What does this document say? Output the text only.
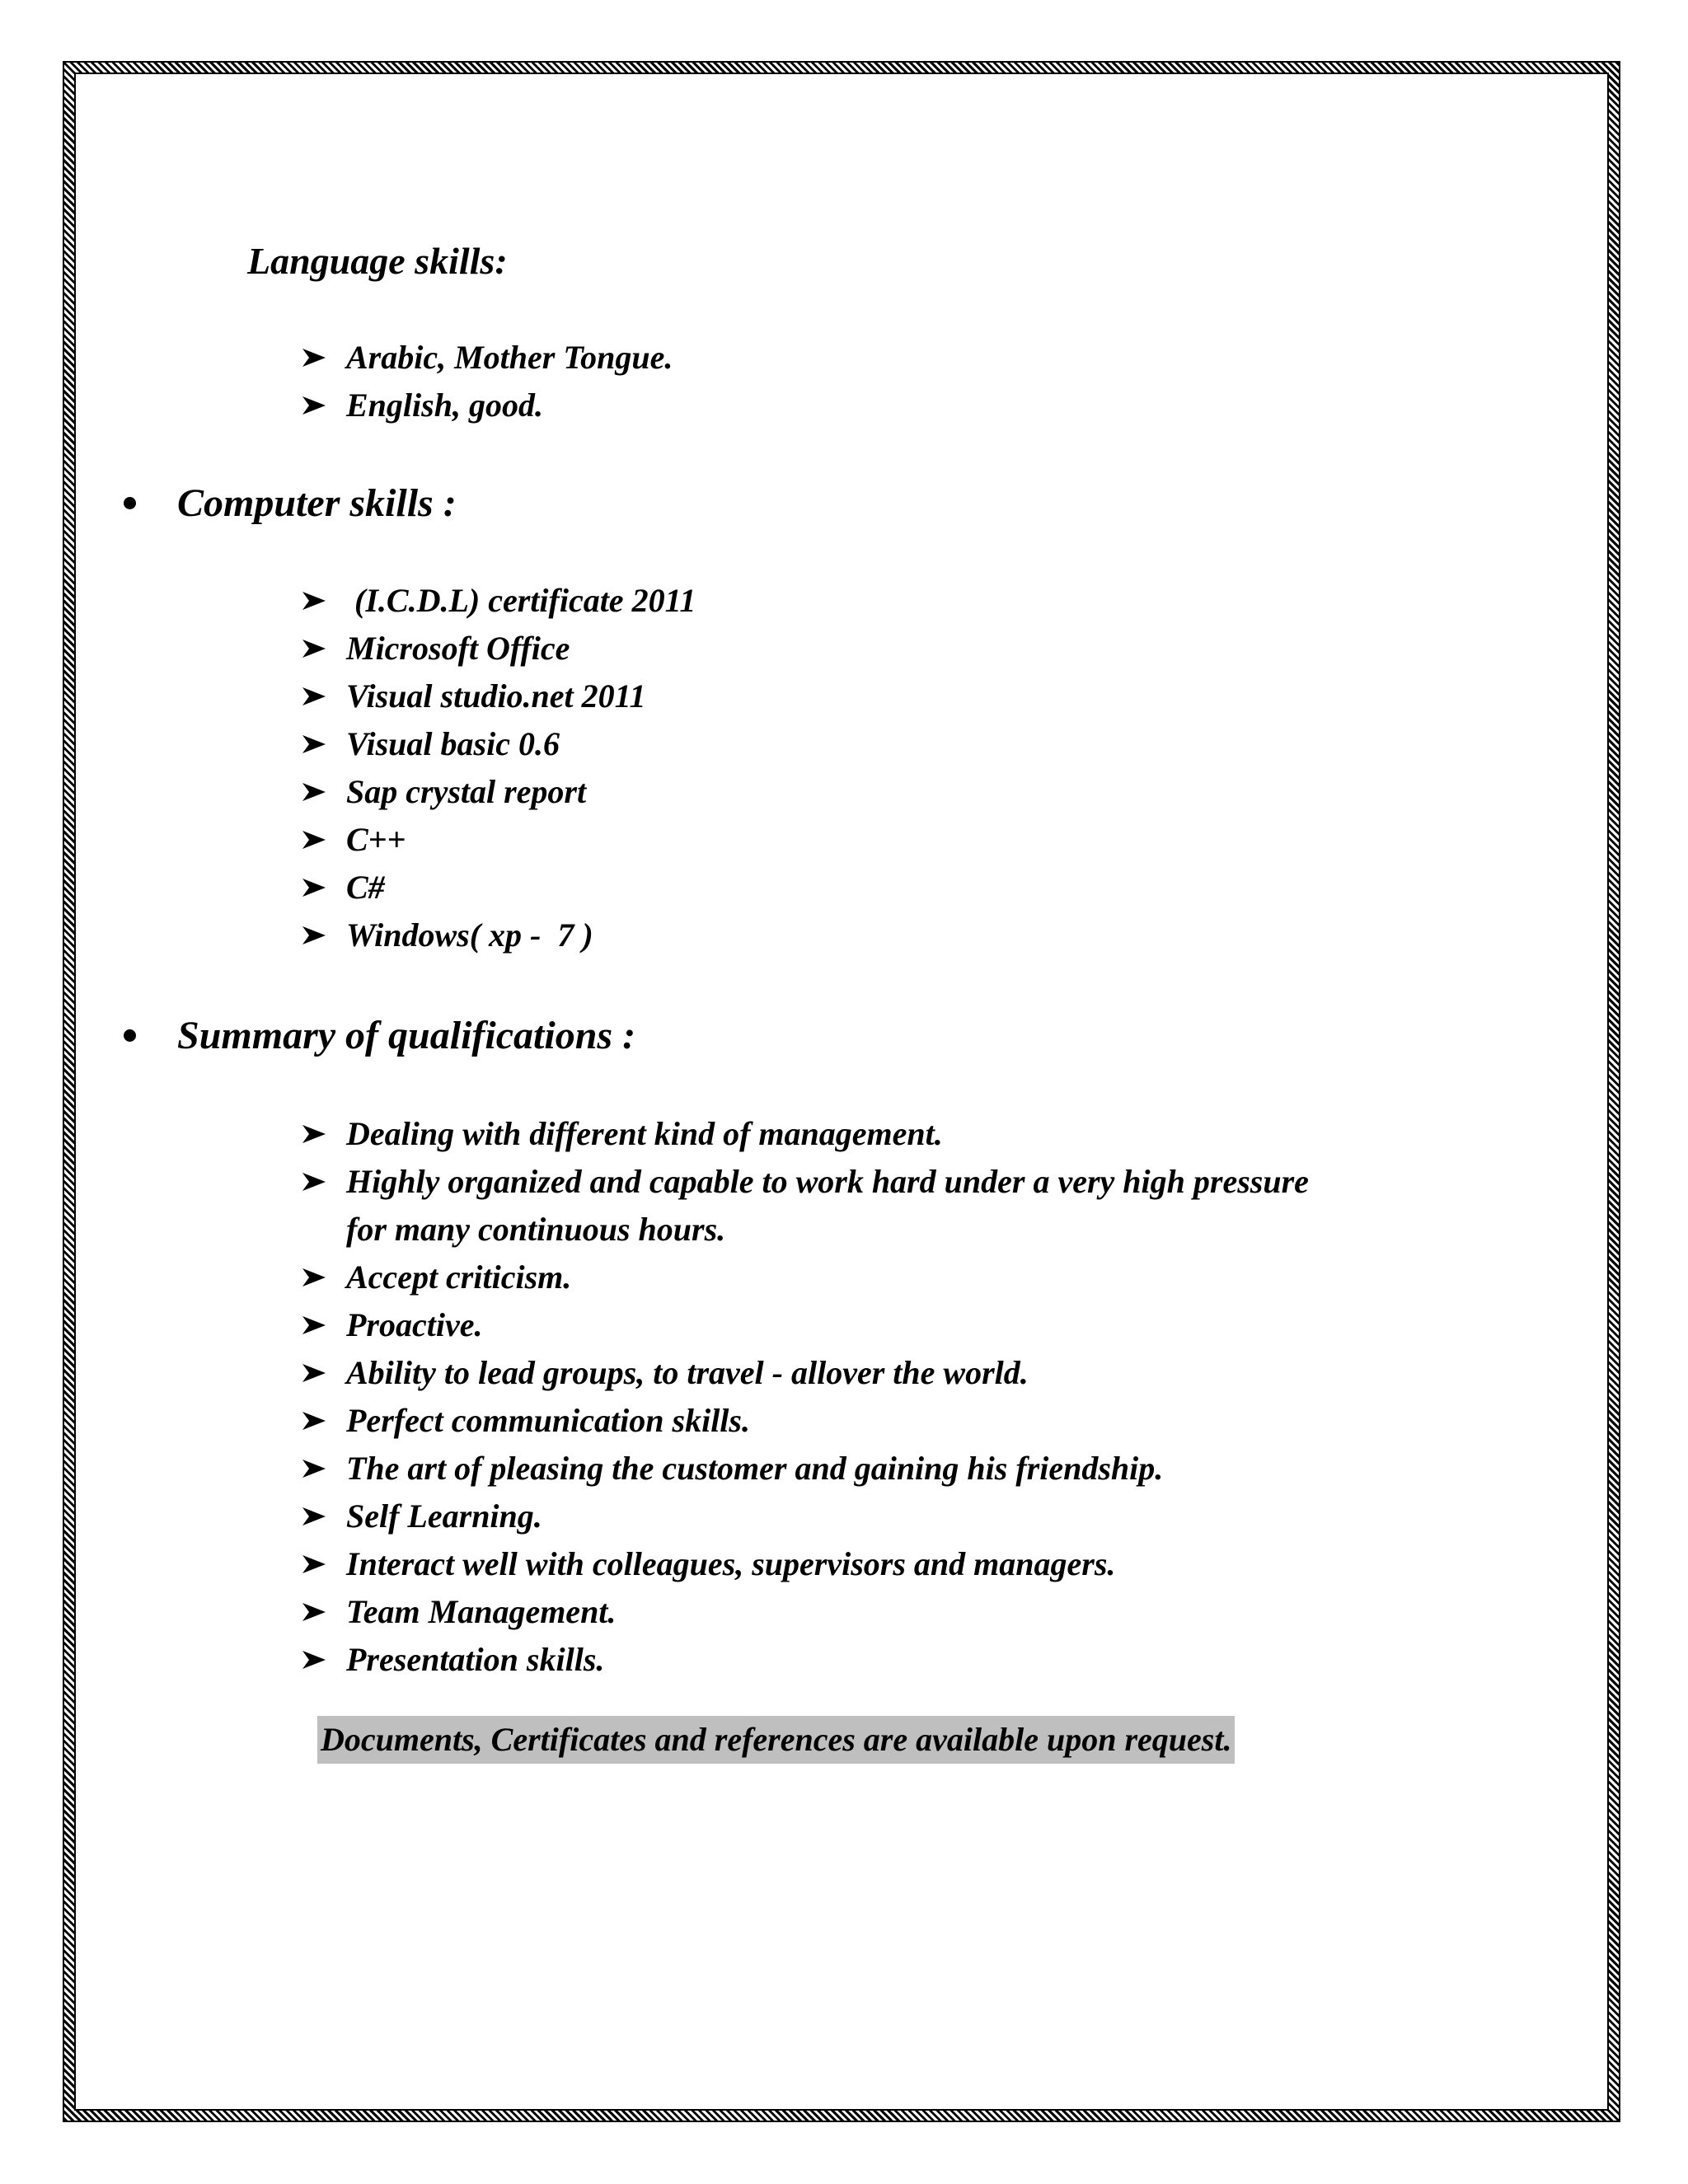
Language skills:
Arabic, Mother Tongue.
English, good.
Computer skills :
(I.C.D.L) certificate 2011
Microsoft Office
Visual studio.net 2011
Visual basic 0.6
Sap crystal report
C++
C#
Windows( xp -  7 )
Summary of qualifications :
Dealing with different kind of management.
Highly organized and capable to work hard under a very high pressure
for many continuous hours.
Accept criticism.
Proactive.
Ability to lead groups, to travel - allover the world.
Perfect communication skills.
The art of pleasing the customer and gaining his friendship.
Self Learning.
Interact well with colleagues, supervisors and managers.
Team Management.
Presentation skills.

Documents, Certificates and references are available upon request.
